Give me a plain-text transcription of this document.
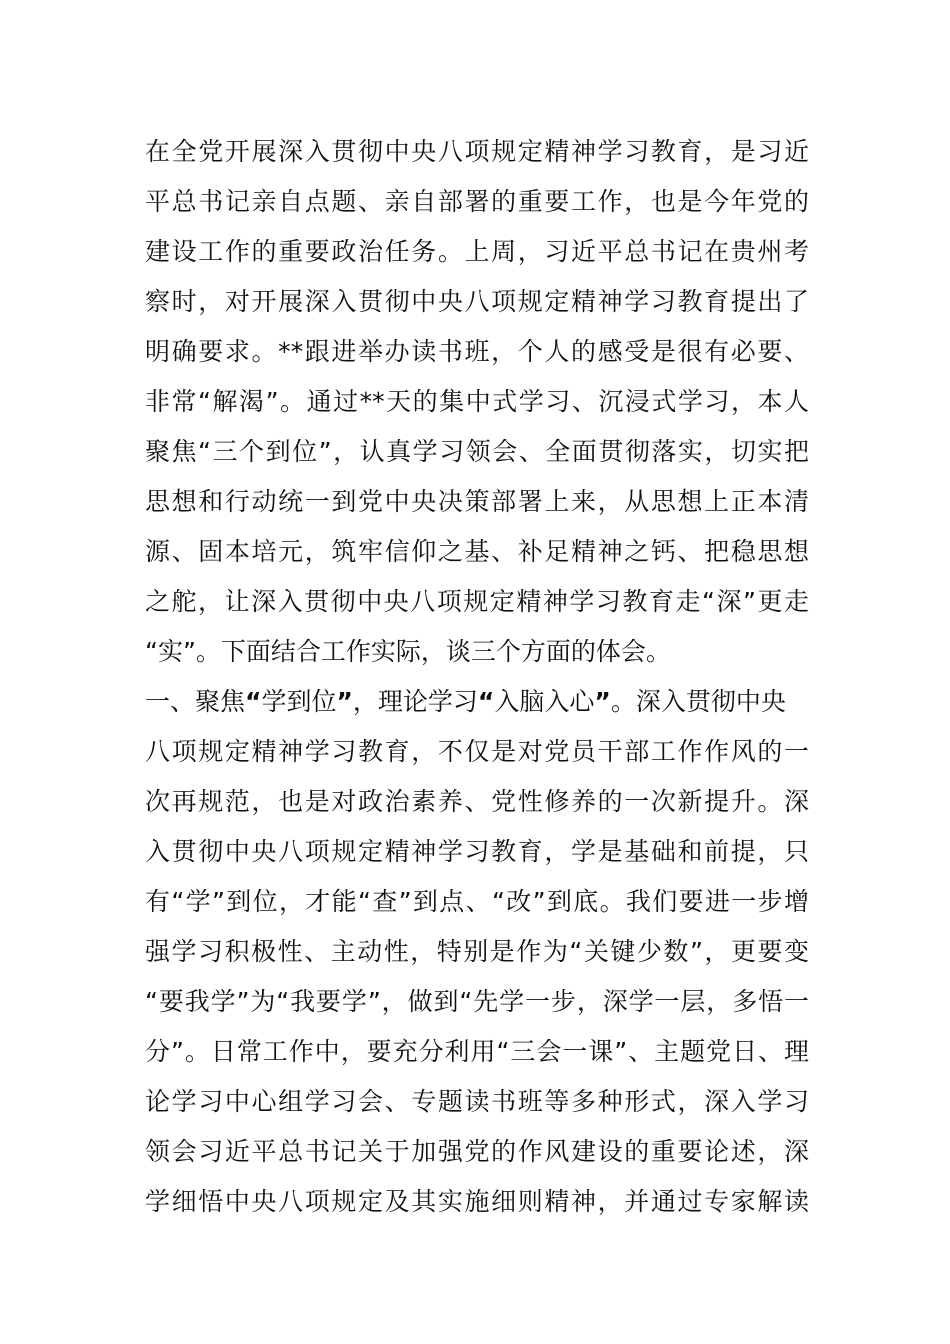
在全党开展深入贯彻中央八项规定精神学习教育，是习近
平总书记亲自点题、亲自部署的重要工作，也是今年党的
建设工作的重要政治任务。上周，习近平总书记在贵州考
察时，对开展深入贯彻中央八项规定精神学习教育提出了
明确要求。**跟进举办读书班，个人的感受是很有必要、
非常“解渴”。通过**天的集中式学习、沉浸式学习，本人
聚焦“三个到位”，认真学习领会、全面贯彻落实，切实把
思想和行动统一到党中央决策部署上来，从思想上正本清
源、固本培元，筑牢信仰之基、补足精神之钙、把稳思想
之舵，让深入贯彻中央八项规定精神学习教育走“深”更走
“实”。下面结合工作实际，谈三个方面的体会。
一、聚焦“学到位”，理论学习“入脑入心”。深入贯彻中央
八项规定精神学习教育，不仅是对党员干部工作作风的一
次再规范，也是对政治素养、党性修养的一次新提升。深
入贯彻中央八项规定精神学习教育，学是基础和前提，只
有“学”到位，才能“查”到点、“改”到底。我们要进一步增
强学习积极性、主动性，特别是作为“关键少数”，更要变
“要我学”为“我要学”，做到“先学一步，深学一层，多悟一
分”。日常工作中，要充分利用“三会一课”、主题党日、理
论学习中心组学习会、专题读书班等多种形式，深入学习
领会习近平总书记关于加强党的作风建设的重要论述，深
学细悟中央八项规定及其实施细则精神，并通过专家解读
